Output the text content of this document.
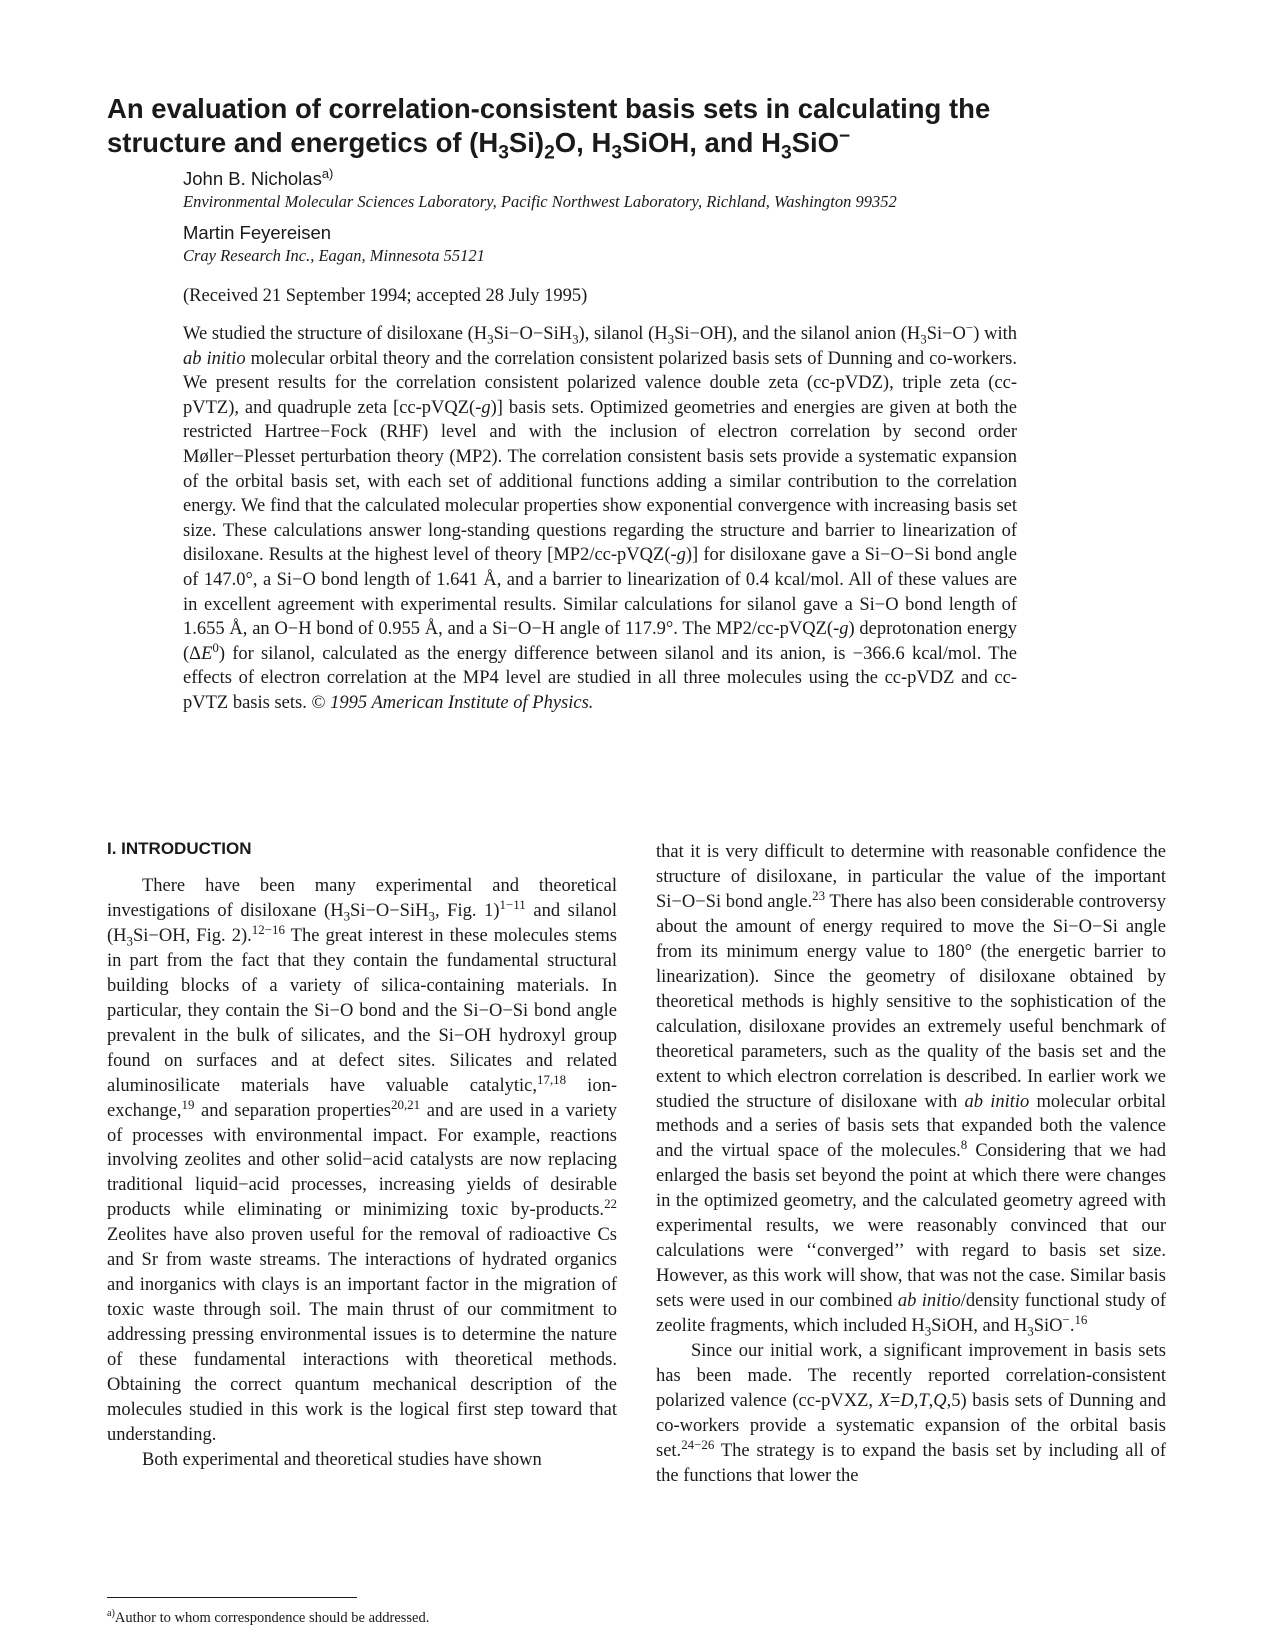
An evaluation of correlation-consistent basis sets in calculating the
structure and energetics of $(H_3Si)_2O$, $H_3SiOH$, and $H_3SiO^-$
John B. Nicholas$^{a)}$
Environmental Molecular Sciences Laboratory, Pacific Northwest Laboratory, Richland, Washington 99352
Martin Feyereisen
Cray Research Inc., Eagan, Minnesota 55121
(Received 21 September 1994; accepted 28 July 1995)

We studied the structure of disiloxane $(H_3Si-O-SiH_3)$, silanol $(H_3Si-OH)$, and the silanol anion $(H_3Si-O^-)$ with ab initio molecular orbital theory and the correlation consistent polarized basis sets of Dunning and co-workers. We present results for the correlation consistent polarized valence double zeta (cc-pVDZ), triple zeta (cc-pVTZ), and quadruple zeta [cc-pVQZ(-g)] basis sets. Optimized geometries and energies are given at both the restricted Hartree−Fock (RHF) level and with the inclusion of electron correlation by second order Møller−Plesset perturbation theory (MP2). The correlation consistent basis sets provide a systematic expansion of the orbital basis set, with each set of additional functions adding a similar contribution to the correlation energy. We find that the calculated molecular properties show exponential convergence with increasing basis set size. These calculations answer long-standing questions regarding the structure and barrier to linearization of disiloxane. Results at the highest level of theory [MP2/cc-pVQZ(-g)] for disiloxane gave a Si−O−Si bond angle of 147.0°, a Si−O bond length of 1.641 Å, and a barrier to linearization of 0.4 kcal/mol. All of these values are in excellent agreement with experimental results. Similar calculations for silanol gave a Si−O bond length of 1.655 Å, an O−H bond of 0.955 Å, and a Si−O−H angle of 117.9°. The MP2/cc-pVQZ(-g) deprotonation energy $(\Delta E^0)$ for silanol, calculated as the energy difference between silanol and its anion, is −366.6 kcal/mol. The effects of electron correlation at the MP4 level are studied in all three molecules using the cc-pVDZ and cc-pVTZ basis sets. © 1995 American Institute of Physics.

I. INTRODUCTION

There have been many experimental and theoretical investigations of disiloxane ($H_3Si-O-SiH_3$, Fig. 1)$^{1-11}$ and silanol ($H_3Si-OH$, Fig. 2).$^{12-16}$ The great interest in these molecules stems in part from the fact that they contain the fundamental structural building blocks of a variety of silica-containing materials. In particular, they contain the Si−O bond and the Si−O−Si bond angle prevalent in the bulk of silicates, and the Si−OH hydroxyl group found on surfaces and at defect sites. Silicates and related aluminosilicate materials have valuable catalytic,$^{17,18}$ ion-exchange,$^{19}$ and separation properties$^{20,21}$ and are used in a variety of processes with environmental impact. For example, reactions involving zeolites and other solid−acid catalysts are now replacing traditional liquid−acid processes, increasing yields of desirable products while eliminating or minimizing toxic by-products.$^{22}$ Zeolites have also proven useful for the removal of radioactive Cs and Sr from waste streams. The interactions of hydrated organics and inorganics with clays is an important factor in the migration of toxic waste through soil. The main thrust of our commitment to addressing pressing environmental issues is to determine the nature of these fundamental interactions with theoretical methods. Obtaining the correct quantum mechanical description of the molecules studied in this work is the logical first step toward that understanding.

Both experimental and theoretical studies have shown

that it is very difficult to determine with reasonable confidence the structure of disiloxane, in particular the value of the important Si−O−Si bond angle.$^{23}$ There has also been considerable controversy about the amount of energy required to move the Si−O−Si angle from its minimum energy value to 180° (the energetic barrier to linearization). Since the geometry of disiloxane obtained by theoretical methods is highly sensitive to the sophistication of the calculation, disiloxane provides an extremely useful benchmark of theoretical parameters, such as the quality of the basis set and the extent to which electron correlation is described. In earlier work we studied the structure of disiloxane with ab initio molecular orbital methods and a series of basis sets that expanded both the valence and the virtual space of the molecules.$^8$ Considering that we had enlarged the basis set beyond the point at which there were changes in the optimized geometry, and the calculated geometry agreed with experimental results, we were reasonably convinced that our calculations were ‘‘converged’’ with regard to basis set size. However, as this work will show, that was not the case. Similar basis sets were used in our combined ab initio/density functional study of zeolite fragments, which included $H_3SiOH$, and $H_3SiO^-.^{16}$

Since our initial work, a significant improvement in basis sets has been made. The recently reported correlation-consistent polarized valence (cc-pVXZ, X=D,T,Q,5) basis sets of Dunning and co-workers provide a systematic expansion of the orbital basis set.$^{24-26}$ The strategy is to expand the basis set by including all of the functions that lower the

$^{a)}$Author to whom correspondence should be addressed.
